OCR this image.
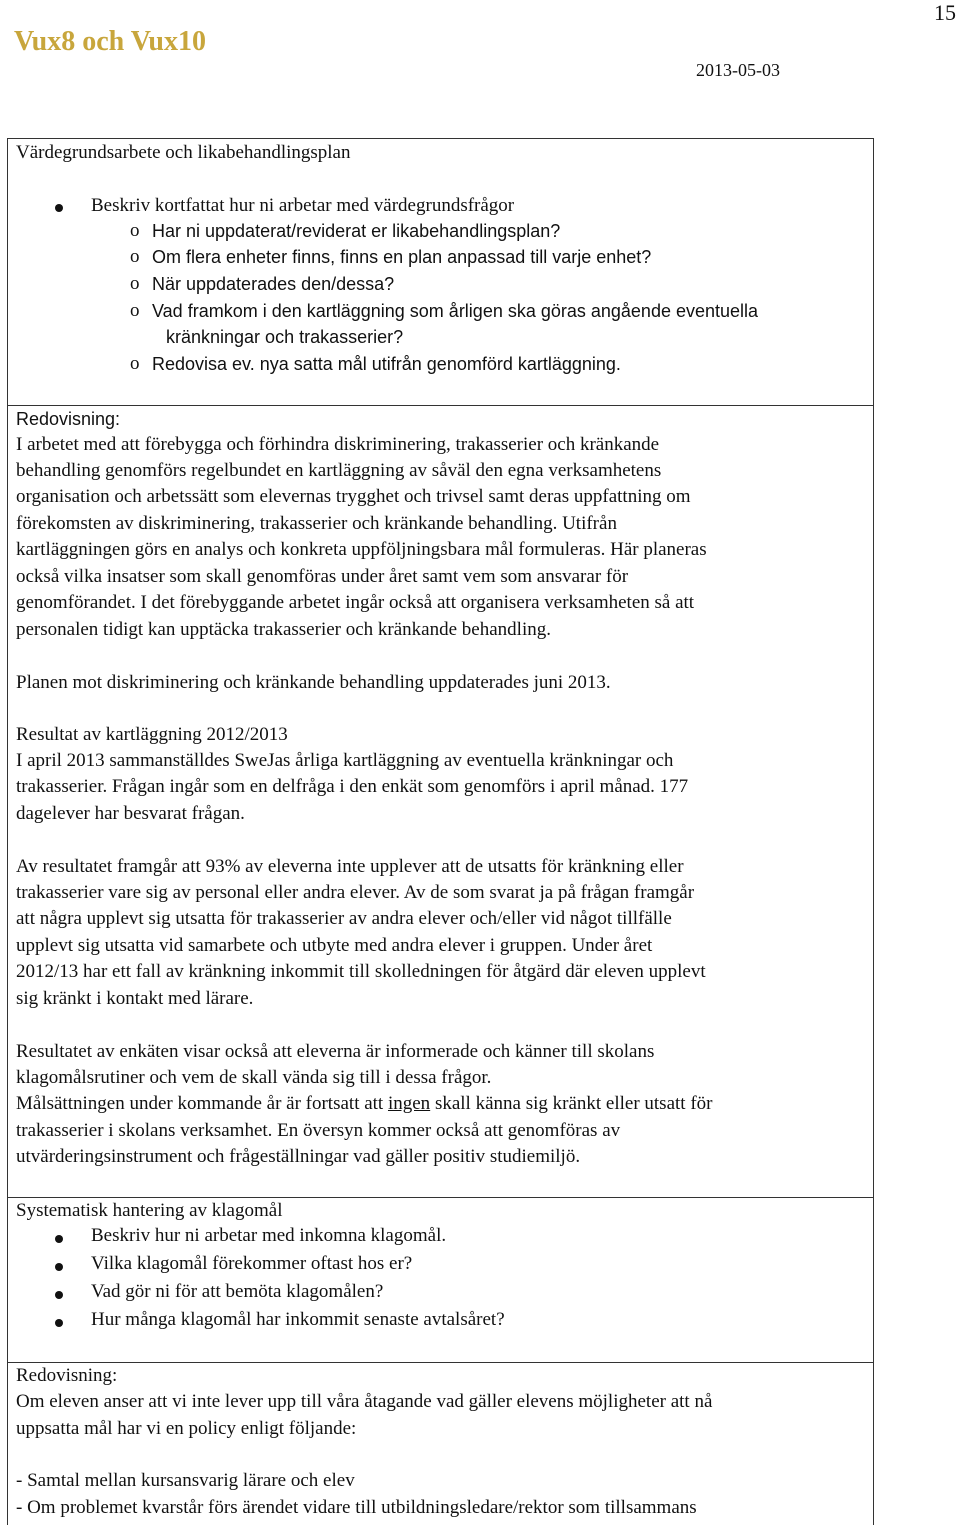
15
Vux8 och Vux10
2013-05-03
Värdegrundsarbete och likabehandlingsplan
Beskriv kortfattat hur ni arbetar med värdegrundsfrågor
o Har ni uppdaterat/reviderat er likabehandlingsplan?
o Om flera enheter finns, finns en plan anpassad till varje enhet?
o När uppdaterades den/dessa?
o Vad framkom i den kartläggning som årligen ska göras angående eventuella
kränkningar och trakasserier?
o Redovisa ev. nya satta mål utifrån genomförd kartläggning.
Redovisning:
I arbetet med att förebygga och förhindra diskriminering, trakasserier och kränkande
behandling genomförs regelbundet en kartläggning av såväl den egna verksamhetens
organisation och arbetssätt som elevernas trygghet och trivsel samt deras uppfattning om
förekomsten av diskriminering, trakasserier och kränkande behandling. Utifrån
kartläggningen görs en analys och konkreta uppföljningsbara mål formuleras. Här planeras
också vilka insatser som skall genomföras under året samt vem som ansvarar för
genomförandet. I det förebyggande arbetet ingår också att organisera verksamheten så att
personalen tidigt kan upptäcka trakasserier och kränkande behandling.
Planen mot diskriminering och kränkande behandling uppdaterades juni 2013.
Resultat av kartläggning 2012/2013
I april 2013 sammanställdes SweJas årliga kartläggning av eventuella kränkningar och
trakasserier. Frågan ingår som en delfråga i den enkät som genomförs i april månad. 177
dagelever har besvarat frågan.
Av resultatet framgår att 93% av eleverna inte upplever att de utsatts för kränkning eller
trakasserier vare sig av personal eller andra elever. Av de som svarat ja på frågan framgår
att några upplevt sig utsatta för trakasserier av andra elever och/eller vid något tillfälle
upplevt sig utsatta vid samarbete och utbyte med andra elever i gruppen. Under året
2012/13 har ett fall av kränkning inkommit till skolledningen för åtgärd där eleven upplevt
sig kränkt i kontakt med lärare.
Resultatet av enkäten visar också att eleverna är informerade och känner till skolans
klagomålsrutiner och vem de skall vända sig till i dessa frågor.
Målsättningen under kommande år är fortsatt att ingen skall känna sig kränkt eller utsatt för
trakasserier i skolans verksamhet. En översyn kommer också att genomföras av
utvärderingsinstrument och frågeställningar vad gäller positiv studiemiljö.
Systematisk hantering av klagomål
Beskriv hur ni arbetar med inkomna klagomål.
Vilka klagomål förekommer oftast hos er?
Vad gör ni för att bemöta klagomålen?
Hur många klagomål har inkommit senaste avtalsåret?
Redovisning:
Om eleven anser att vi inte lever upp till våra åtagande vad gäller elevens möjligheter att nå
uppsatta mål har vi en policy enligt följande:
- Samtal mellan kursansvarig lärare och elev
- Om problemet kvarstår förs ärendet vidare till utbildningsledare/rektor som tillsammans
